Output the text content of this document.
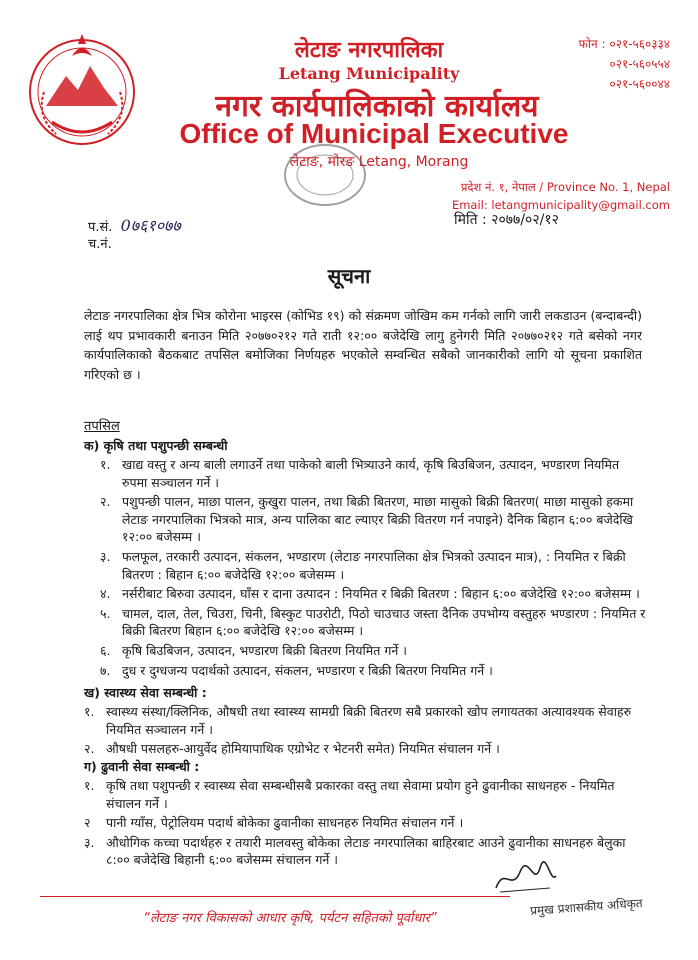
लेटाङ नगरपालिका
Letang Municipality
नगर कार्यपालिकाको कार्यालय
Office of Municipal Executive
लेटाङ, मोरङ Letang, Morang
फोन : ०२१-५६०३३४
०२१-५६०५५४
०२१-५६००४४
प्रदेश नं. १, नेपाल / Province No. 1, Nepal
Email: letangmunicipality@gmail.com
प.सं. 0७६१०७७
च.नं.
मिति : २०७७/०२/१२
सूचना
लेटाङ नगरपालिका क्षेत्र भित्र कोरोना भाइरस (कोभिड १९) को संक्रमण जोखिम कम गर्नको लागि जारी लकडाउन (बन्दाबन्दी) लाई थप प्रभावकारी बनाउन मिति २०७७०२१२ गते राती १२:०० बजेदेखि लागु हुनेगरी मिति २०७७०२१२ गते बसेको नगर कार्यपालिकाको बैठकबाट तपसिल बमोजिका निर्णयहरु भएकोले सम्वन्धित सबैको जानकारीको लागि यो सूचना प्रकाशित गरिएको छ ।
तपसिल
क) कृषि तथा पशुपन्छी सम्बन्धी
१. खाद्य वस्तु र अन्य बाली लगाउर्ने तथा पाकेको बाली भित्र्याउने कार्य, कृषि बिउबिजन, उत्पादन, भण्डारण नियमित रुपमा सञ्चालन गर्ने ।
२. पशुपन्छी पालन, माछा पालन, कुखुरा पालन, तथा बिक्री बितरण, माछा मासुको बिक्री बितरण( माछा मासुको हकमा लेटाङ नगरपालिका भित्रको मात्र, अन्य पालिका बाट ल्याएर बिक्री वितरण गर्न नपाइने) दैनिक बिहान ६:०० बजेदेखि १२:०० बजेसम्म ।
३. फलफूल, तरकारी उत्पादन, संकलन, भण्डारण (लेटाङ नगरपालिका क्षेत्र भित्रको उत्पादन मात्र), : नियमित र बिक्री बितरण : बिहान ६:०० बजेदेखि १२:०० बजेसम्म ।
४. नर्सरीबाट बिरुवा उत्पादन, घाँस र दाना उत्पादन : नियमित र बिक्री बितरण : बिहान ६:०० बजेदेखि १२:०० बजेसम्म ।
५. चामल, दाल, तेल, चिउरा, चिनी, बिस्कुट पाउरोटी, पिठो चाउचाउ जस्ता दैनिक उपभोग्य वस्तुहरु भण्डारण : नियमित र बिक्री बितरण बिहान ६:०० बजेदेखि १२:०० बजेसम्म ।
६. कृषि बिउबिजन, उत्पादन, भण्डारण बिक्री बितरण नियमित गर्ने ।
७. दुध र दुग्धजन्य पदार्थको उत्पादन, संकलन, भण्डारण र बिक्री बितरण नियमित गर्ने ।
ख) स्वास्थ्य सेवा सम्बन्धी :
१. स्वास्थ्य संस्था/क्लिनिक, औषधी तथा स्वास्थ्य सामग्री बिक्री बितरण सबै प्रकारको खोप लगायतका अत्यावश्यक सेवाहरु नियमित सञ्चालन गर्ने ।
२. औषधी पसलहरु-आयुर्वेद होमियापाथिक एग्रोभेट र भेटनरी समेत) नियमित संचालन गर्ने ।
ग) ढुवानी सेवा सम्बन्धी :
१. कृषि तथा पशुपन्छी र स्वास्थ्य सेवा सम्बन्धीसबै प्रकारका वस्तु तथा सेवामा प्रयोग हुने ढुवानीका साधनहरु - नियमित संचालन गर्ने ।
२	पानी ग्याँस, पेट्रोलियम पदार्थ बोकेका ढुवानीका साधनहरु नियमित संचालन गर्ने ।
३. औधोगिक कच्चा पदार्थहरु र तयारी मालवस्तु बोकेका लेटाङ नगरपालिका बाहिरबाट आउने ढुवानीका साधनहरु बेलुका ८:०० बजेदेखि बिहानी ६:०० बजेसम्म संचालन गर्ने ।
प्रमुख प्रशासकीय अधिकृत
“लेटाङ नगर विकासको आधार कृषि, पर्यटन सहितको पूर्वाधार”
